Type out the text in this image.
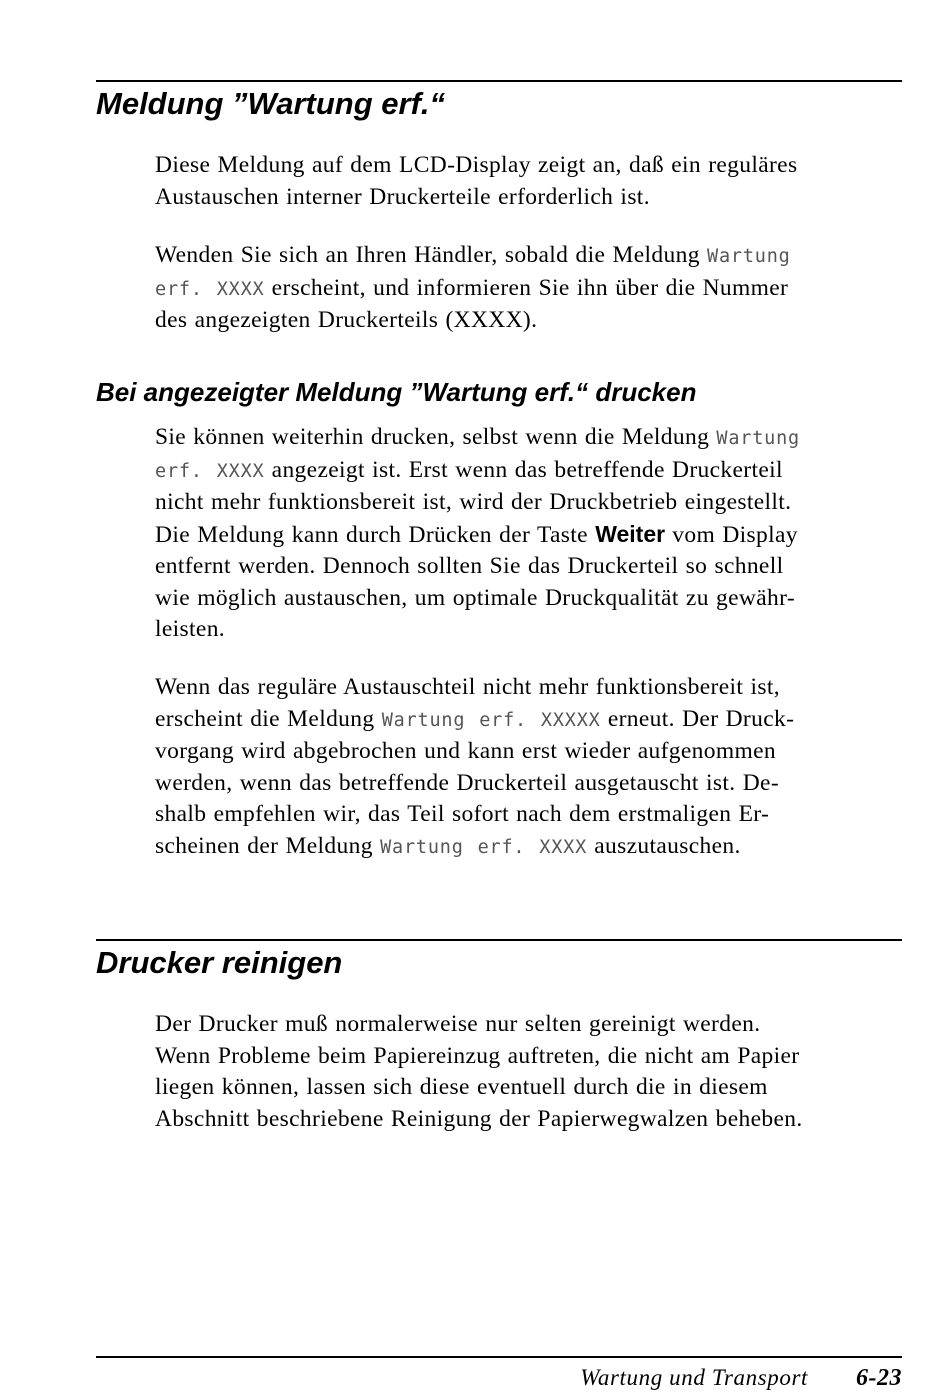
Meldung ”Wartung erf.“

Diese Meldung auf dem LCD-Display zeigt an, daß ein reguläres
Austauschen interner Druckerteile erforderlich ist.

Wenden Sie sich an Ihren Händler, sobald die Meldung Wartung
erf. XXXX erscheint, und informieren Sie ihn über die Nummer
des angezeigten Druckerteils (XXXX).

Bei angezeigter Meldung ”Wartung erf.“ drucken

Sie können weiterhin drucken, selbst wenn die Meldung Wartung
erf. XXXX angezeigt ist. Erst wenn das betreffende Druckerteil
nicht mehr funktionsbereit ist, wird der Druckbetrieb eingestellt.
Die Meldung kann durch Drücken der Taste Weiter vom Display
entfernt werden. Dennoch sollten Sie das Druckerteil so schnell
wie möglich austauschen, um optimale Druckqualität zu gewähr-
leisten.

Wenn das reguläre Austauschteil nicht mehr funktionsbereit ist,
erscheint die Meldung Wartung erf. XXXXX erneut. Der Druck-
vorgang wird abgebrochen und kann erst wieder aufgenommen
werden, wenn das betreffende Druckerteil ausgetauscht ist. De-
shalb empfehlen wir, das Teil sofort nach dem erstmaligen Er-
scheinen der Meldung Wartung erf. XXXX auszutauschen.

Drucker reinigen

Der Drucker muß normalerweise nur selten gereinigt werden.
Wenn Probleme beim Papiereinzug auftreten, die nicht am Papier
liegen können, lassen sich diese eventuell durch die in diesem
Abschnitt beschriebene Reinigung der Papierwegwalzen beheben.

Wartung und Transport 6-23
